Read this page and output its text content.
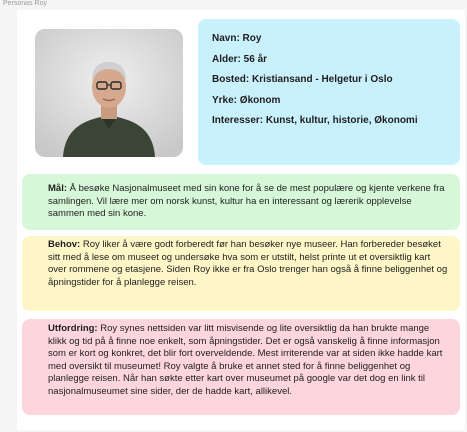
Personas Roy

Navn: Roy

Alder: 56 år

Bosted: Kristiansand - Helgetur i Oslo

Yrke: Økonom

Interesser: Kunst, kultur, historie, Økonomi

Mål: Å besøke Nasjonalmuseet med sin kone for å se de mest populære og kjente verkene fra samlingen. Vil lære mer om norsk kunst, kultur ha en interessant og lærerik opplevelse sammen med sin kone.
Behov: Roy liker å være godt forberedt før han besøker nye museer. Han forbereder besøket sitt med å lese om museet og undersøke hva som er utstilt, helst printe ut et oversiktlig kart over rommene og etasjene. Siden Roy ikke er fra Oslo trenger han også å finne beliggenhet og åpningstider for å planlegge reisen.
Utfordring: Roy synes nettsiden var litt misvisende og lite oversiktlig da han brukte mange klikk og tid på å finne noe enkelt, som åpningstider. Det er også vanskelig å finne informasjon som er kort og konkret, det blir fort overveldende. Mest irriterende var at siden ikke hadde kart med oversikt til museumet! Roy valgte å bruke et annet sted for å finne beliggenhet og planlegge reisen. Når han søkte etter kart over museumet på google var det dog en link til nasjonalmuseumet sine sider, der de hadde kart, allikevel.
